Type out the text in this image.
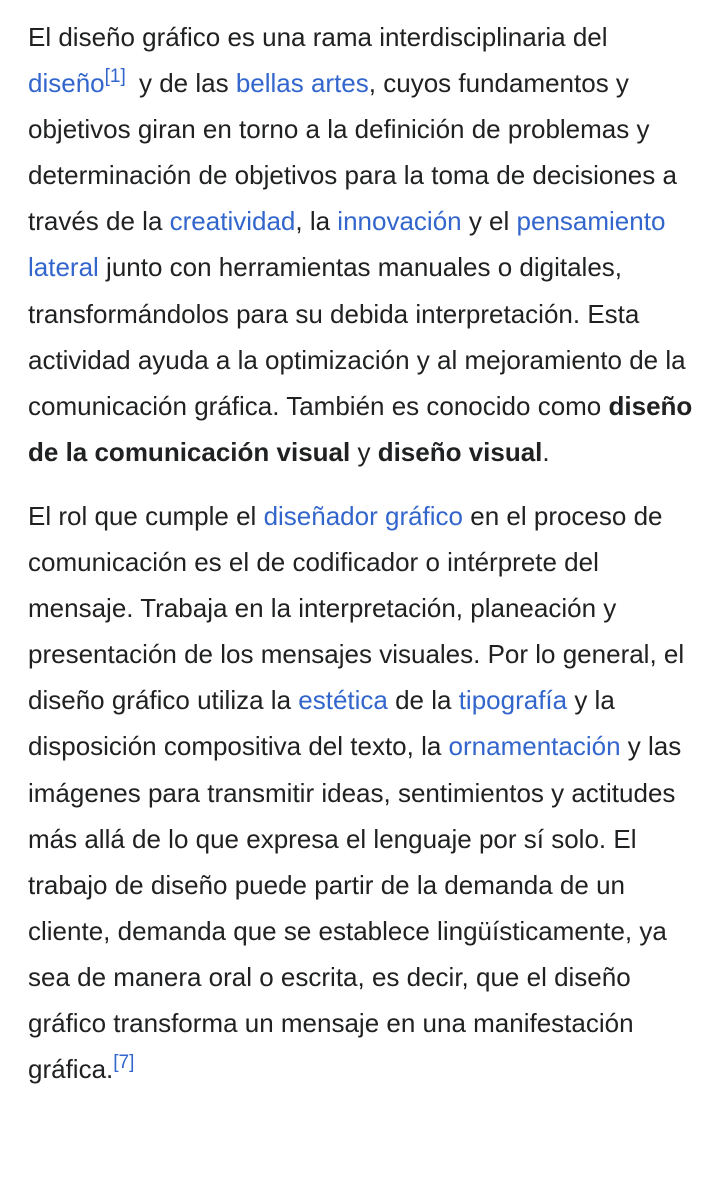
El diseño gráfico es una rama interdisciplinaria del diseño[1] y de las bellas artes, cuyos fundamentos y objetivos giran en torno a la definición de problemas y determinación de objetivos para la toma de decisiones a través de la creatividad, la innovación y el pensamiento lateral junto con herramientas manuales o digitales, transformándolos para su debida interpretación. Esta actividad ayuda a la optimización y al mejoramiento de la comunicación gráfica. También es conocido como diseño de la comunicación visual y diseño visual.

El rol que cumple el diseñador gráfico en el proceso de comunicación es el de codificador o intérprete del mensaje. Trabaja en la interpretación, planeación y presentación de los mensajes visuales. Por lo general, el diseño gráfico utiliza la estética de la tipografía y la disposición compositiva del texto, la ornamentación y las imágenes para transmitir ideas, sentimientos y actitudes más allá de lo que expresa el lenguaje por sí solo. El trabajo de diseño puede partir de la demanda de un cliente, demanda que se establece lingüísticamente, ya sea de manera oral o escrita, es decir, que el diseño gráfico transforma un mensaje en una manifestación gráfica.[7]
